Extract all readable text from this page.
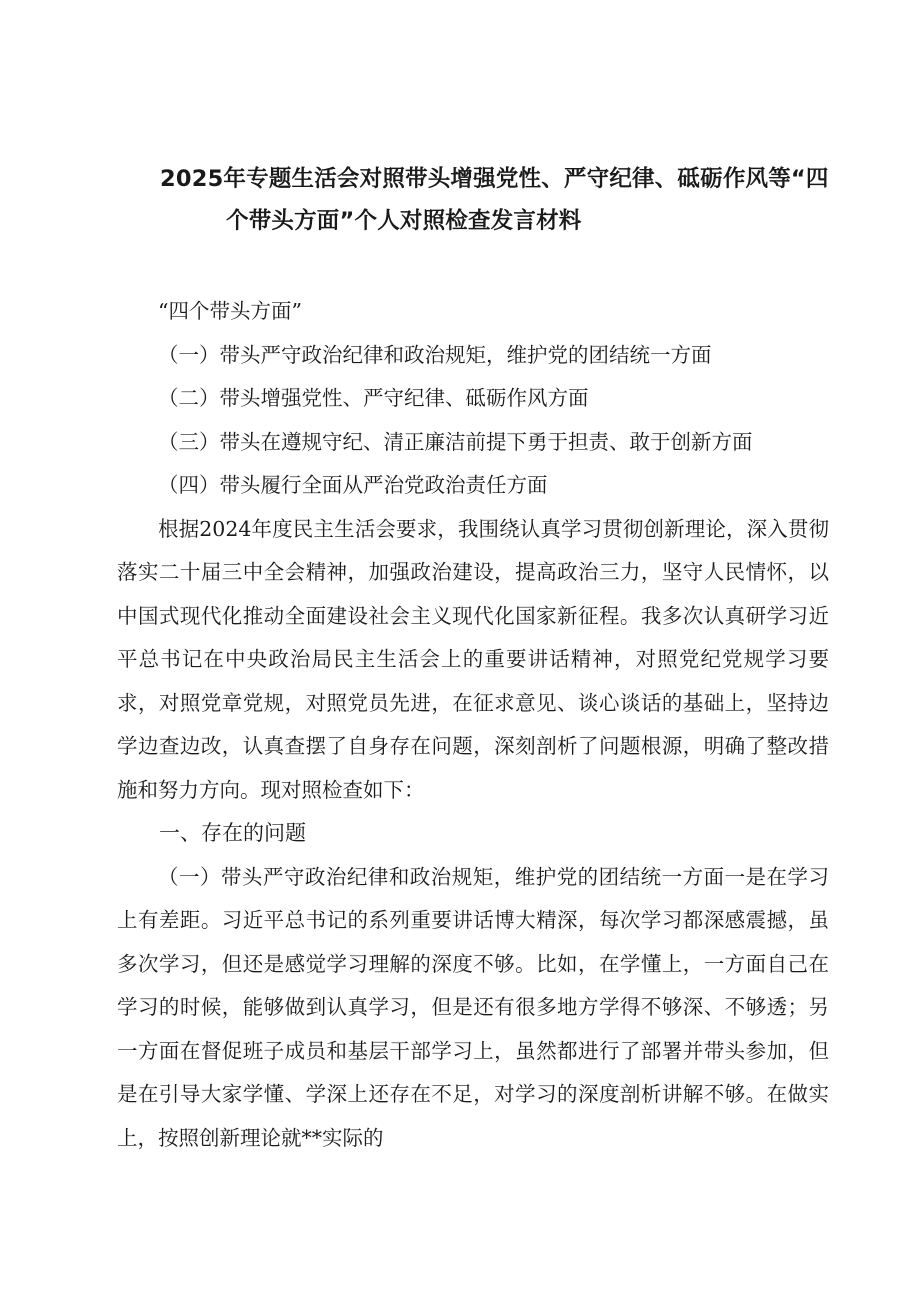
2025年专题生活会对照带头增强党性、严守纪律、砥砺作风等“四
个带头方面”个人对照检查发言材料

“四个带头方面”

（一）带头严守政治纪律和政治规矩，维护党的团结统一方面

（二）带头增强党性、严守纪律、砥砺作风方面

（三）带头在遵规守纪、清正廉洁前提下勇于担责、敢于创新方面

（四）带头履行全面从严治党政治责任方面

根据2024年度民主生活会要求，我围绕认真学习贯彻创新理论，深入贯彻落实二十届三中全会精神，加强政治建设，提高政治三力，坚守人民情怀，以中国式现代化推动全面建设社会主义现代化国家新征程。我多次认真研学习近平总书记在中央政治局民主生活会上的重要讲话精神，对照党纪党规学习要求，对照党章党规，对照党员先进，在征求意见、谈心谈话的基础上，坚持边学边查边改，认真查摆了自身存在问题，深刻剖析了问题根源，明确了整改措施和努力方向。现对照检查如下：

一、存在的问题

（一）带头严守政治纪律和政治规矩，维护党的团结统一方面一是在学习上有差距。习近平总书记的系列重要讲话博大精深，每次学习都深感震撼，虽多次学习，但还是感觉学习理解的深度不够。比如，在学懂上，一方面自己在学习的时候，能够做到认真学习，但是还有很多地方学得不够深、不够透；另一方面在督促班子成员和基层干部学习上，虽然都进行了部署并带头参加，但是在引导大家学懂、学深上还存在不足，对学习的深度剖析讲解不够。在做实上，按照创新理论就**实际的
